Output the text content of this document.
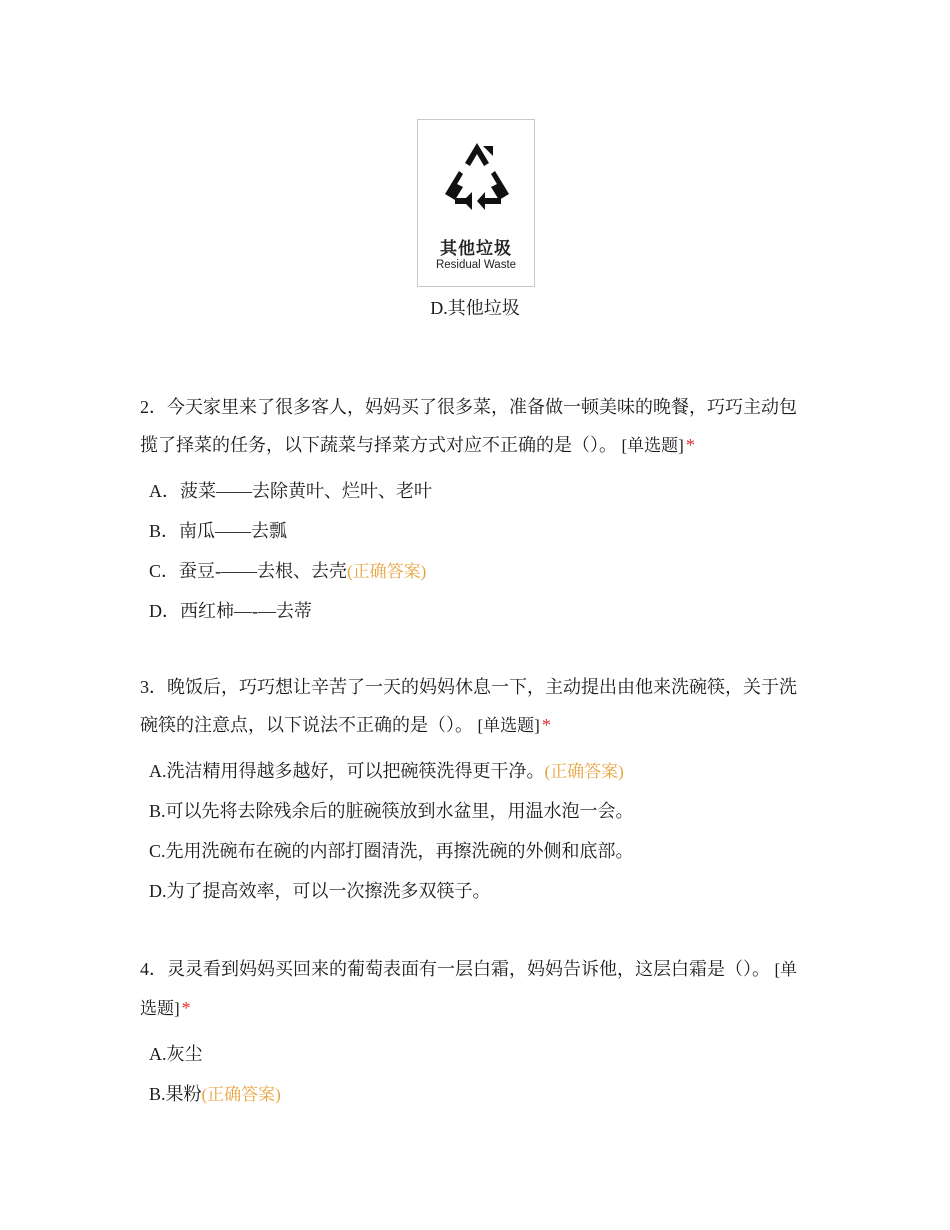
其他垃圾
Residual Waste
D.其他垃圾
2．今天家里来了很多客人，妈妈买了很多菜，准备做一顿美味的晚餐，巧巧主动包揽了择菜的任务，以下蔬菜与择菜方式对应不正确的是（）。 [单选题] *
A．菠菜——去除黄叶、烂叶、老叶
B．南瓜——去瓢
C．蚕豆-——去根、去壳(正确答案)
D．西红柿—-—去蒂
3．晚饭后，巧巧想让辛苦了一天的妈妈休息一下，主动提出由他来洗碗筷，关于洗碗筷的注意点，以下说法不正确的是（）。 [单选题] *
A.洗洁精用得越多越好，可以把碗筷洗得更干净。(正确答案)
B.可以先将去除残余后的脏碗筷放到水盆里，用温水泡一会。
C.先用洗碗布在碗的内部打圈清洗，再擦洗碗的外侧和底部。
D.为了提高效率，可以一次擦洗多双筷子。
4．灵灵看到妈妈买回来的葡萄表面有一层白霜，妈妈告诉他，这层白霜是（）。 [单选题] *
A.灰尘
B.果粉(正确答案)
